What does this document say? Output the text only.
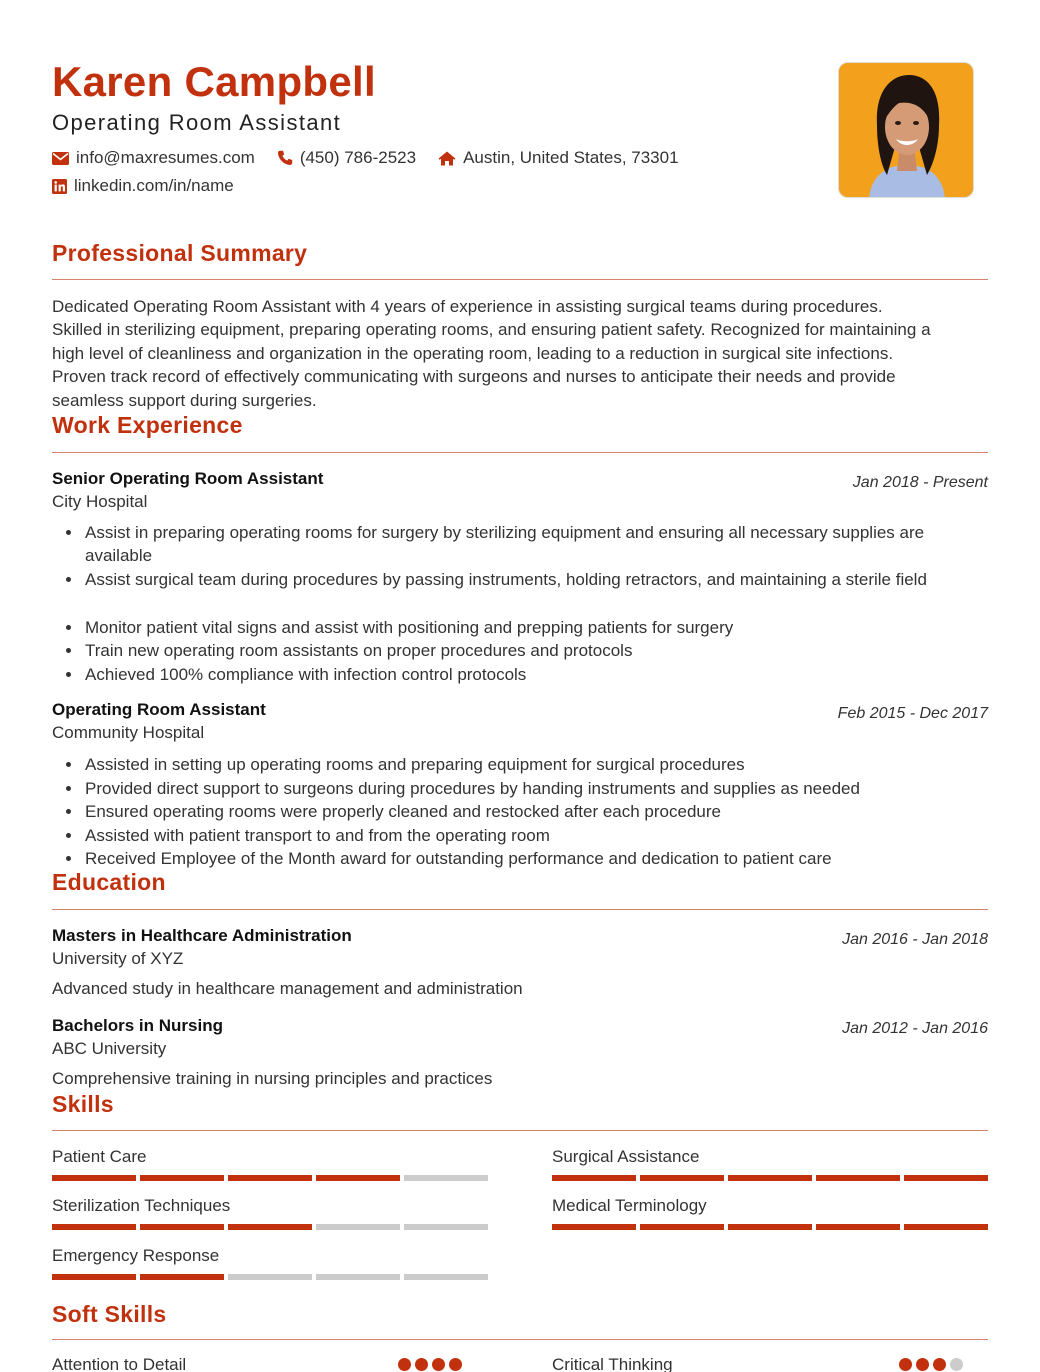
Karen Campbell
Operating Room Assistant
info@maxresumes.com	(450) 786-2523	Austin, United States, 73301
linkedin.com/in/name
Professional Summary
Dedicated Operating Room Assistant with 4 years of experience in assisting surgical teams during procedures.
Skilled in sterilizing equipment, preparing operating rooms, and ensuring patient safety. Recognized for maintaining a
high level of cleanliness and organization in the operating room, leading to a reduction in surgical site infections.
Proven track record of effectively communicating with surgeons and nurses to anticipate their needs and provide
seamless support during surgeries.
Work Experience
Senior Operating Room Assistant	Jan 2018 - Present
City Hospital
Assist in preparing operating rooms for surgery by sterilizing equipment and ensuring all necessary supplies are available
Assist surgical team during procedures by passing instruments, holding retractors, and maintaining a sterile field
Monitor patient vital signs and assist with positioning and prepping patients for surgery
Train new operating room assistants on proper procedures and protocols
Achieved 100% compliance with infection control protocols
Operating Room Assistant	Feb 2015 - Dec 2017
Community Hospital
Assisted in setting up operating rooms and preparing equipment for surgical procedures
Provided direct support to surgeons during procedures by handing instruments and supplies as needed
Ensured operating rooms were properly cleaned and restocked after each procedure
Assisted with patient transport to and from the operating room
Received Employee of the Month award for outstanding performance and dedication to patient care
Education
Masters in Healthcare Administration	Jan 2016 - Jan 2018
University of XYZ
Advanced study in healthcare management and administration
Bachelors in Nursing	Jan 2012 - Jan 2016
ABC University
Comprehensive training in nursing principles and practices
Skills
Patient Care	Surgical Assistance
Sterilization Techniques	Medical Terminology
Emergency Response
Soft Skills
Attention to Detail	Critical Thinking
